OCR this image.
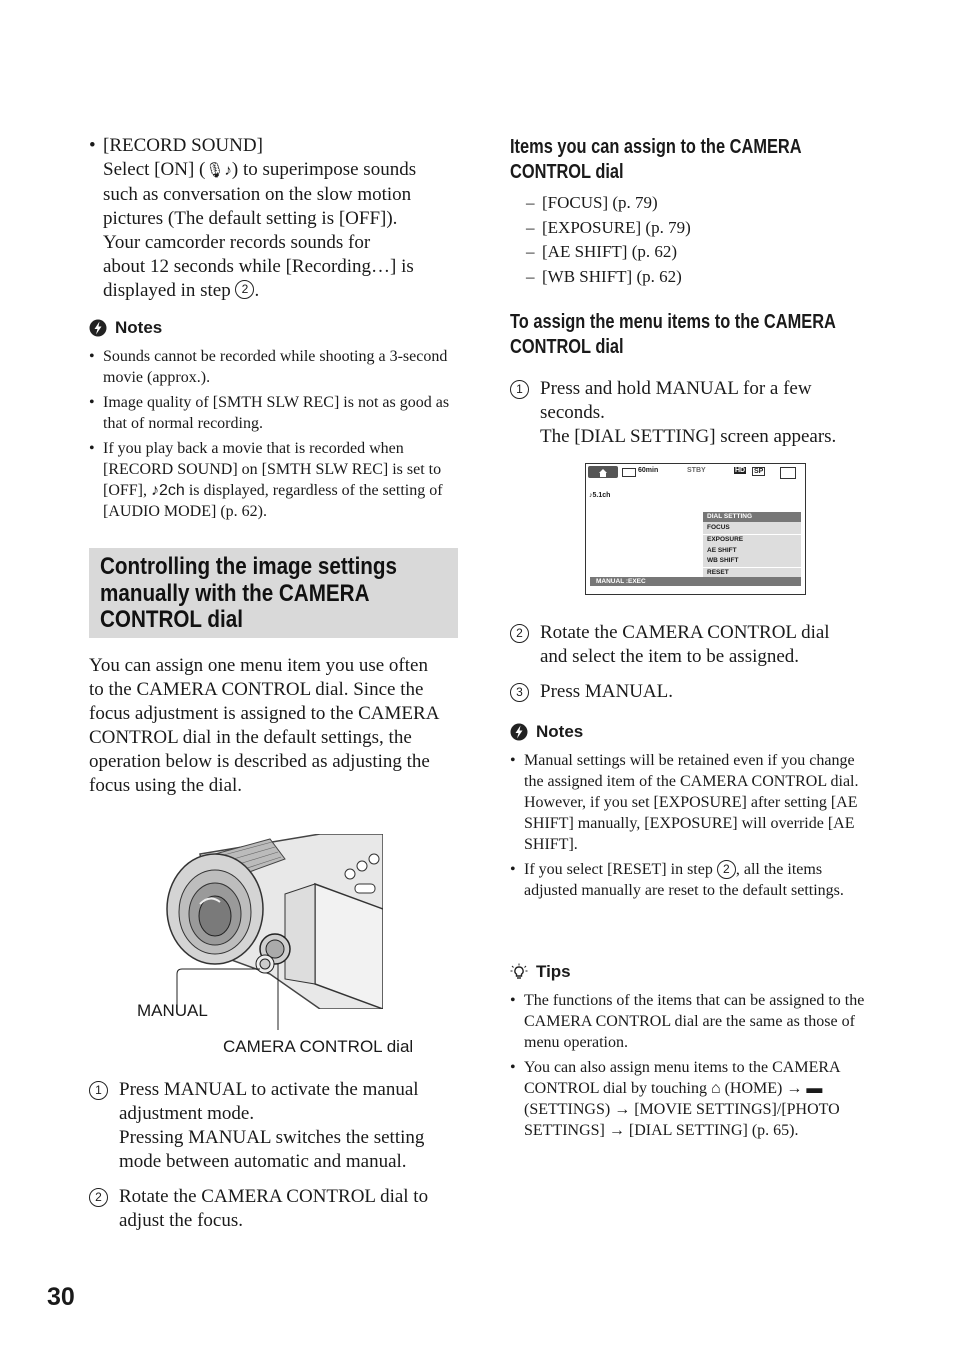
• [RECORD SOUND]
Select [ON] (🎙♪) to superimpose sounds
such as conversation on the slow motion
pictures (The default setting is [OFF]).
Your camcorder records sounds for
about 12 seconds while [Recording…] is
displayed in step 2 .
Notes
• Sounds cannot be recorded while shooting a 3-second movie (approx.).
• Image quality of [SMTH SLW REC] is not as good as that of normal recording.
• If you play back a movie that is recorded when [RECORD SOUND] on [SMTH SLW REC] is set to [OFF], ♪2ch is displayed, regardless of the setting of [AUDIO MODE] (p. 62).
Controlling the image settings manually with the CAMERA CONTROL dial
You can assign one menu item you use often to the CAMERA CONTROL dial. Since the focus adjustment is assigned to the CAMERA CONTROL dial in the default settings, the operation below is described as adjusting the focus using the dial.
MANUAL
CAMERA CONTROL dial
1 Press MANUAL to activate the manual
adjustment mode.
Pressing MANUAL switches the setting
mode between automatic and manual.
2 Rotate the CAMERA CONTROL dial to
adjust the focus.
Items you can assign to the CAMERA
CONTROL dial
– [FOCUS] (p. 79)
– [EXPOSURE] (p. 79)
– [AE SHIFT] (p. 62)
– [WB SHIFT] (p. 62)
To assign the menu items to the CAMERA
CONTROL dial
1 Press and hold MANUAL for a few
seconds.
The [DIAL SETTING] screen appears.
60min	STBY	HD SP
♪5.1ch
DIAL SETTING
FOCUS
EXPOSURE
AE SHIFT
WB SHIFT
RESET
MANUAL :EXEC
2 Rotate the CAMERA CONTROL dial
and select the item to be assigned.
3 Press MANUAL.
Notes
• Manual settings will be retained even if you change the assigned item of the CAMERA CONTROL dial. However, if you set [EXPOSURE] after setting [AE SHIFT] manually, [EXPOSURE] will override [AE SHIFT].
• If you select [RESET] in step 2 , all the items adjusted manually are reset to the default settings.
Tips
• The functions of the items that can be assigned to the CAMERA CONTROL dial are the same as those of menu operation.
• You can also assign menu items to the CAMERA CONTROL dial by touching ⌂ (HOME) → ▬ (SETTINGS) → [MOVIE SETTINGS]/[PHOTO SETTINGS] → [DIAL SETTING] (p. 65).
30
